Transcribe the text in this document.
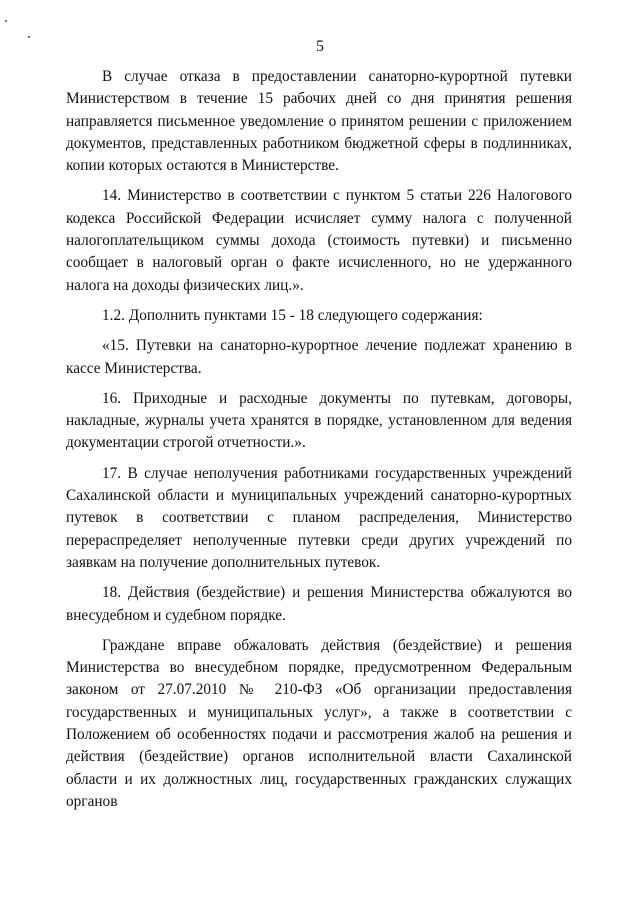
5

В случае отказа в предоставлении санаторно-курортной путевки Министерством в течение 15 рабочих дней со дня принятия решения направляется письменное уведомление о принятом решении с приложением документов, представленных работником бюджетной сферы в подлинниках, копии которых остаются в Министерстве.

14. Министерство в соответствии с пунктом 5 статьи 226 Налогового кодекса Российской Федерации исчисляет сумму налога с полученной налогоплательщиком суммы дохода (стоимость путевки) и письменно сообщает в налоговый орган о факте исчисленного, но не удержанного налога на доходы физических лиц.».

1.2. Дополнить пунктами 15 - 18 следующего содержания:

«15. Путевки на санаторно-курортное лечение подлежат хранению в кассе Министерства.

16. Приходные и расходные документы по путевкам, договоры, накладные, журналы учета хранятся в порядке, установленном для ведения документации строгой отчетности.».

17. В случае неполучения работниками государственных учреждений Сахалинской области и муниципальных учреждений санаторно-курортных путевок в соответствии с планом распределения, Министерство перераспределяет неполученные путевки среди других учреждений по заявкам на получение дополнительных путевок.

18. Действия (бездействие) и решения Министерства обжалуются во внесудебном и судебном порядке.

Граждане вправе обжаловать действия (бездействие) и решения Министерства во внесудебном порядке, предусмотренном Федеральным законом от 27.07.2010 № 210-ФЗ «Об организации предоставления государственных и муниципальных услуг», а также в соответствии с Положением об особенностях подачи и рассмотрения жалоб на решения и действия (бездействие) органов исполнительной власти Сахалинской области и их должностных лиц, государственных гражданских служащих органов
